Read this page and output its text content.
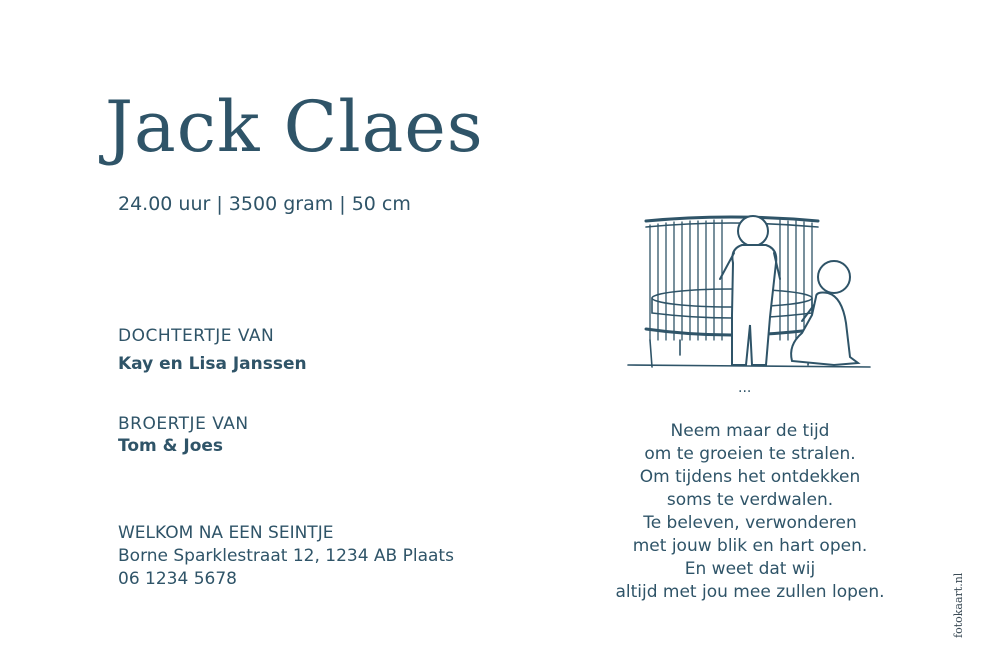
Jack Claes
24.00 uur | 3500 gram | 50 cm
DOCHTERTJE VAN
Kay en Lisa Janssen
BROERTJE VAN
Tom & Joes
WELKOM NA EEN SEINTJE
Borne Sparklestraat 12, 1234 AB Plaats
06 1234 5678
...
Neem maar de tijd
om te groeien te stralen.
Om tijdens het ontdekken
soms te verdwalen.
Te beleven, verwonderen
met jouw blik en hart open.
En weet dat wij
altijd met jou mee zullen lopen.	fotokaart.nl
